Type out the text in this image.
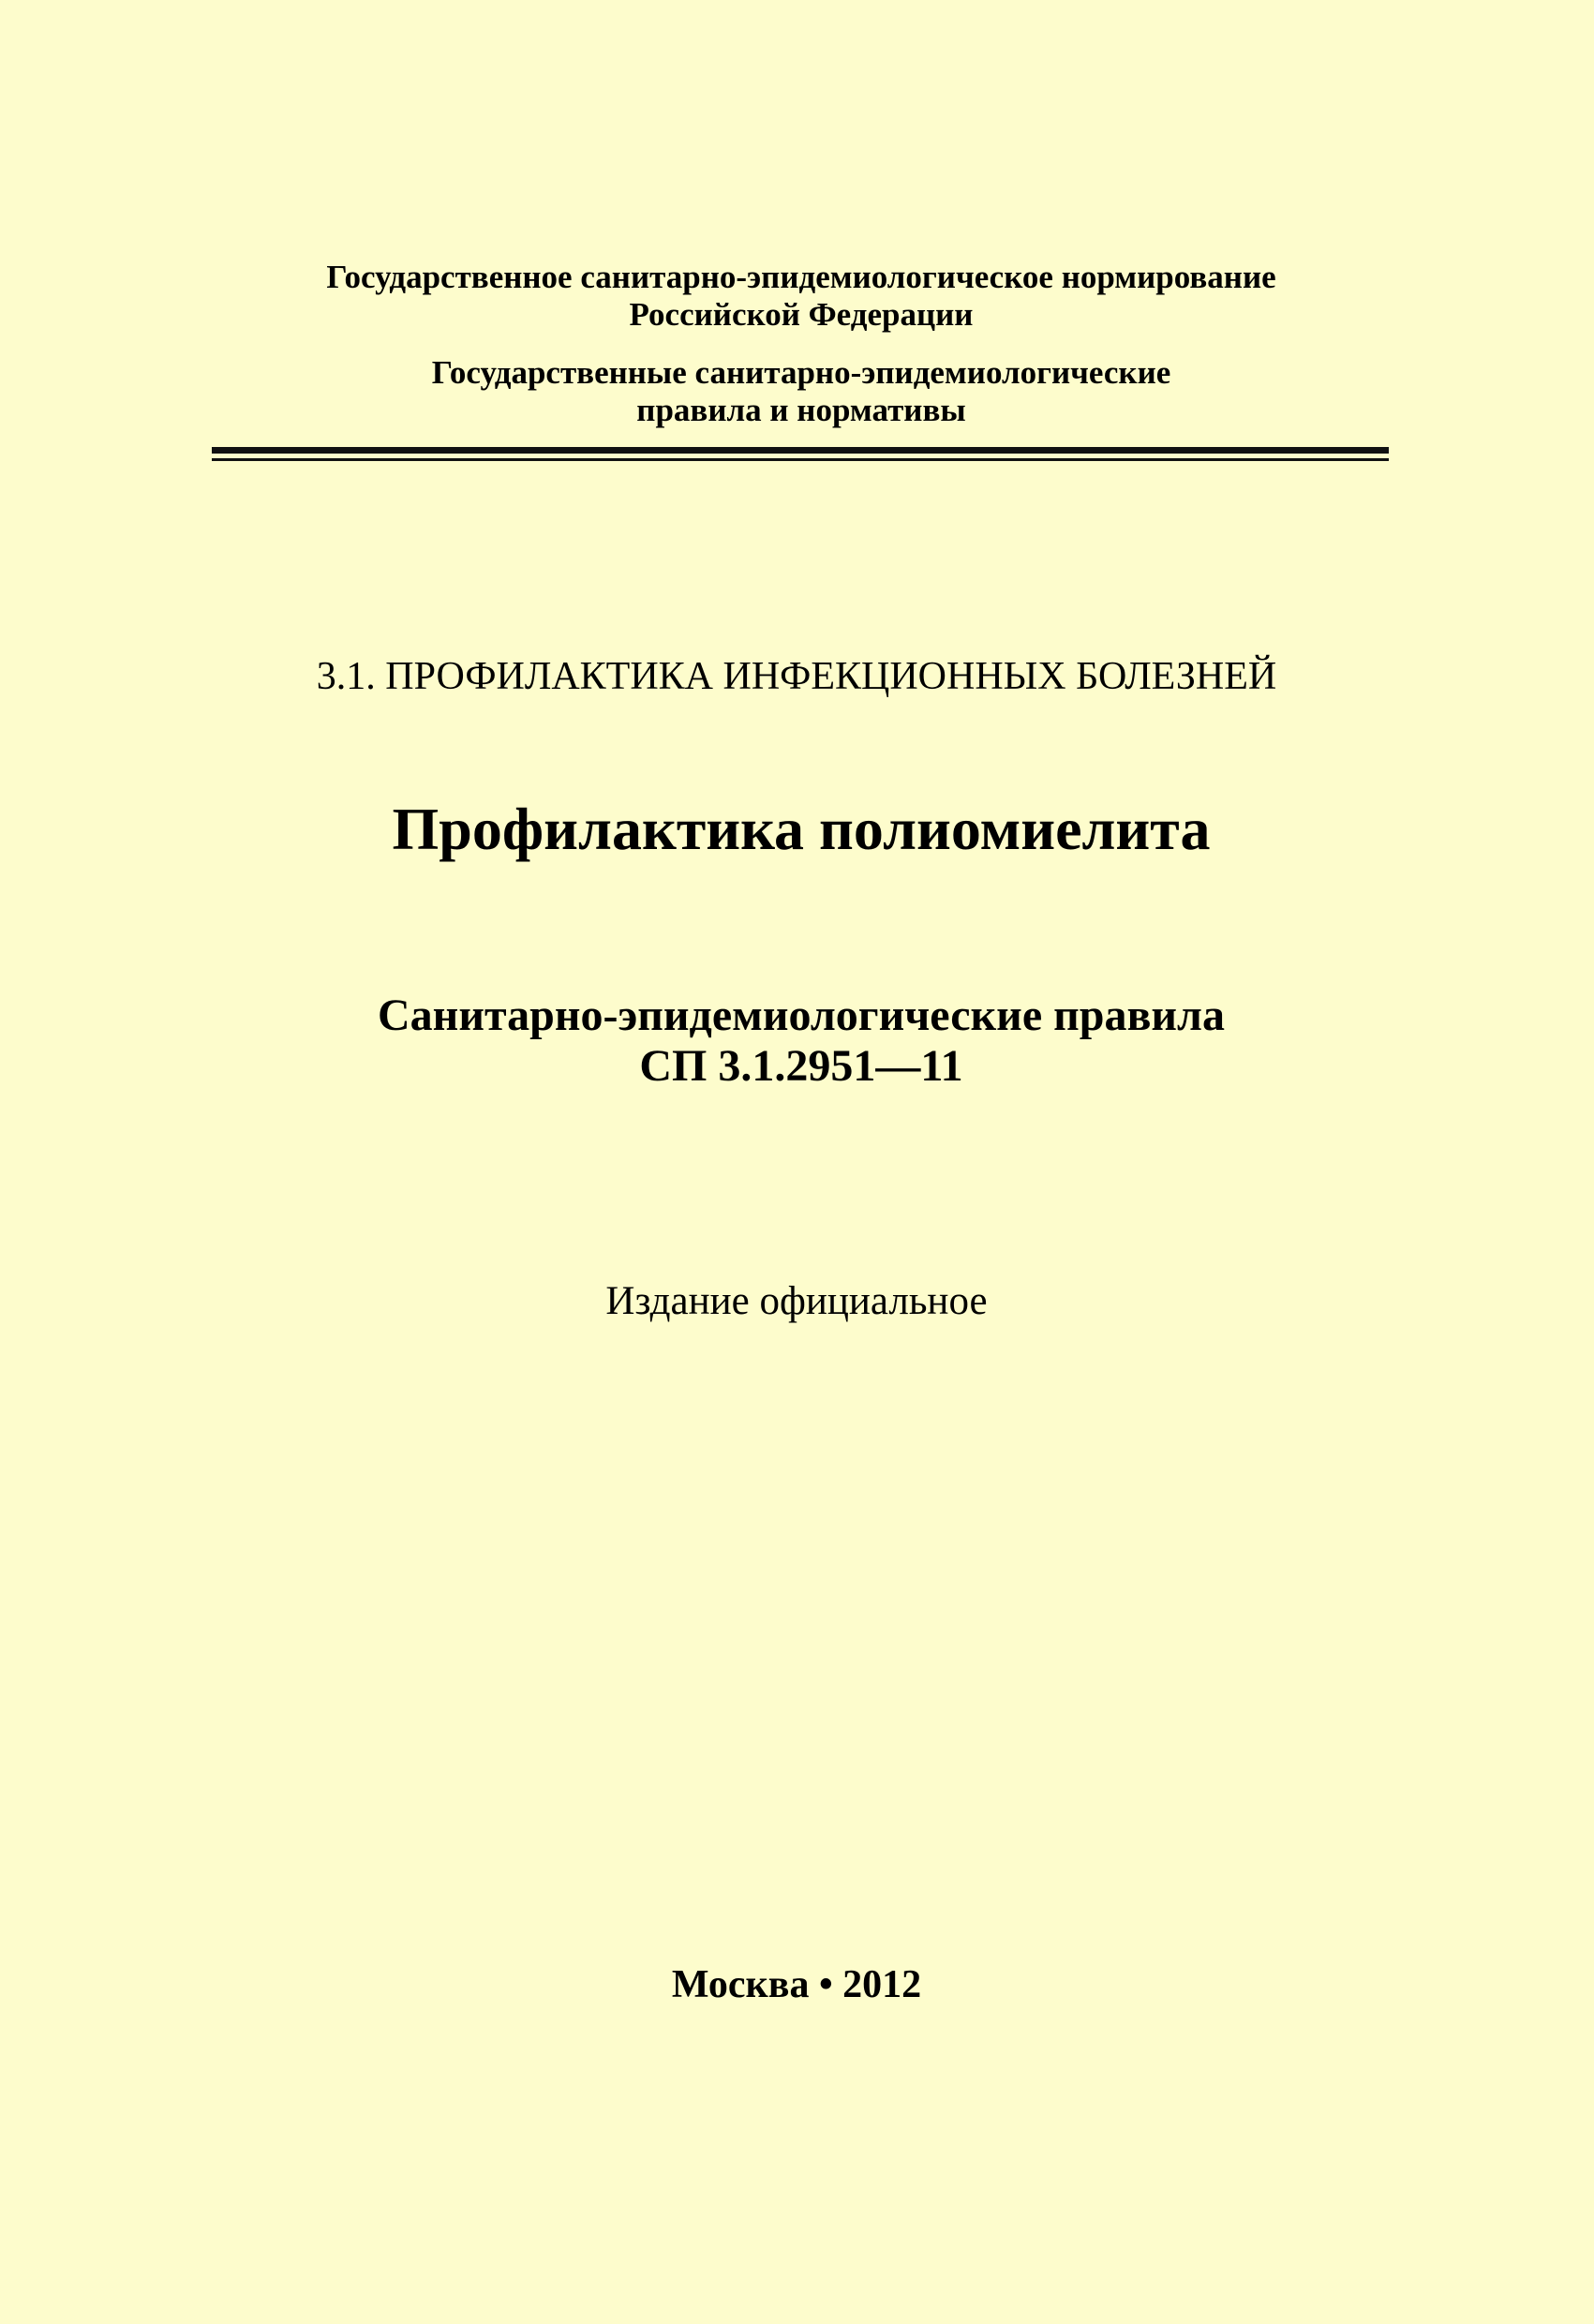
Государственное санитарно-эпидемиологическое нормирование
Российской Федерации
Государственные санитарно-эпидемиологические
правила и нормативы
3.1. ПРОФИЛАКТИКА ИНФЕКЦИОННЫХ БОЛЕЗНЕЙ
Профилактика полиомиелита
Санитарно-эпидемиологические правила
СП 3.1.2951—11
Издание официальное
Москва • 2012
